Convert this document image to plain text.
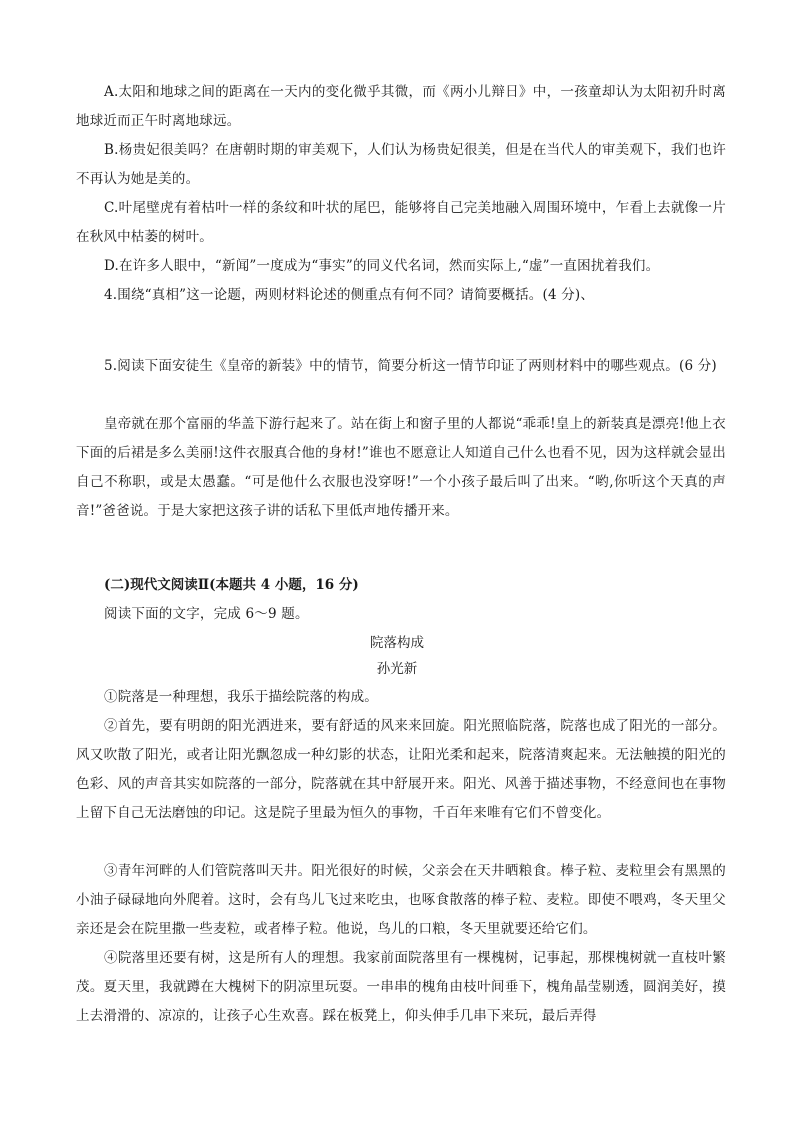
A.太阳和地球之间的距离在一天内的变化微乎其微，而《两小儿辩日》中，一孩童却认为太阳初升时离地球近而正午时离地球远。

B.杨贵妃很美吗？在唐朝时期的审美观下，人们认为杨贵妃很美，但是在当代人的审美观下，我们也许不再认为她是美的。

C.叶尾壁虎有着枯叶一样的条纹和叶状的尾巴，能够将自己完美地融入周围环境中，乍看上去就像一片在秋风中枯萎的树叶。

D.在许多人眼中，“新闻”一度成为“事实”的同义代名词，然而实际上,“虚”一直困扰着我们。

4.围绕“真相”这一论题，两则材料论述的侧重点有何不同？请简要概括。(4 分)、

5.阅读下面安徒生《皇帝的新装》中的情节，简要分析这一情节印证了两则材料中的哪些观点。(6 分)

皇帝就在那个富丽的华盖下游行起来了。站在街上和窗子里的人都说“乖乖!皇上的新装真是漂亮!他上衣下面的后裙是多么美丽!这件衣服真合他的身材!”谁也不愿意让人知道自己什么也看不见，因为这样就会显出自己不称职，或是太愚蠢。“可是他什么衣服也没穿呀!”一个小孩子最后叫了出来。“哟,你听这个天真的声音!”爸爸说。于是大家把这孩子讲的话私下里低声地传播开来。

(二)现代文阅读Ⅱ(本题共 4 小题，16 分)

阅读下面的文字，完成 6～9 题。

院落构成

孙光新

①院落是一种理想，我乐于描绘院落的构成。

②首先，要有明朗的阳光洒进来，要有舒适的风来来回旋。阳光照临院落，院落也成了阳光的一部分。风又吹散了阳光，或者让阳光飘忽成一种幻影的状态，让阳光柔和起来，院落清爽起来。无法触摸的阳光的色彩、风的声音其实如院落的一部分，院落就在其中舒展开来。阳光、风善于描述事物，不经意间也在事物上留下自己无法磨蚀的印记。这是院子里最为恒久的事物，千百年来唯有它们不曾变化。

③青年河畔的人们管院落叫天井。阳光很好的时候，父亲会在天井晒粮食。棒子粒、麦粒里会有黑黑的小油子碌碌地向外爬着。这时，会有鸟儿飞过来吃虫，也啄食散落的棒子粒、麦粒。即使不喂鸡，冬天里父亲还是会在院里撒一些麦粒，或者棒子粒。他说，鸟儿的口粮，冬天里就要还给它们。

④院落里还要有树，这是所有人的理想。我家前面院落里有一棵槐树，记事起，那棵槐树就一直枝叶繁茂。夏天里，我就蹲在大槐树下的阴凉里玩耍。一串串的槐角由枝叶间垂下，槐角晶莹剔透，圆润美好，摸上去滑滑的、凉凉的，让孩子心生欢喜。踩在板凳上，仰头伸手几串下来玩，最后弄得
